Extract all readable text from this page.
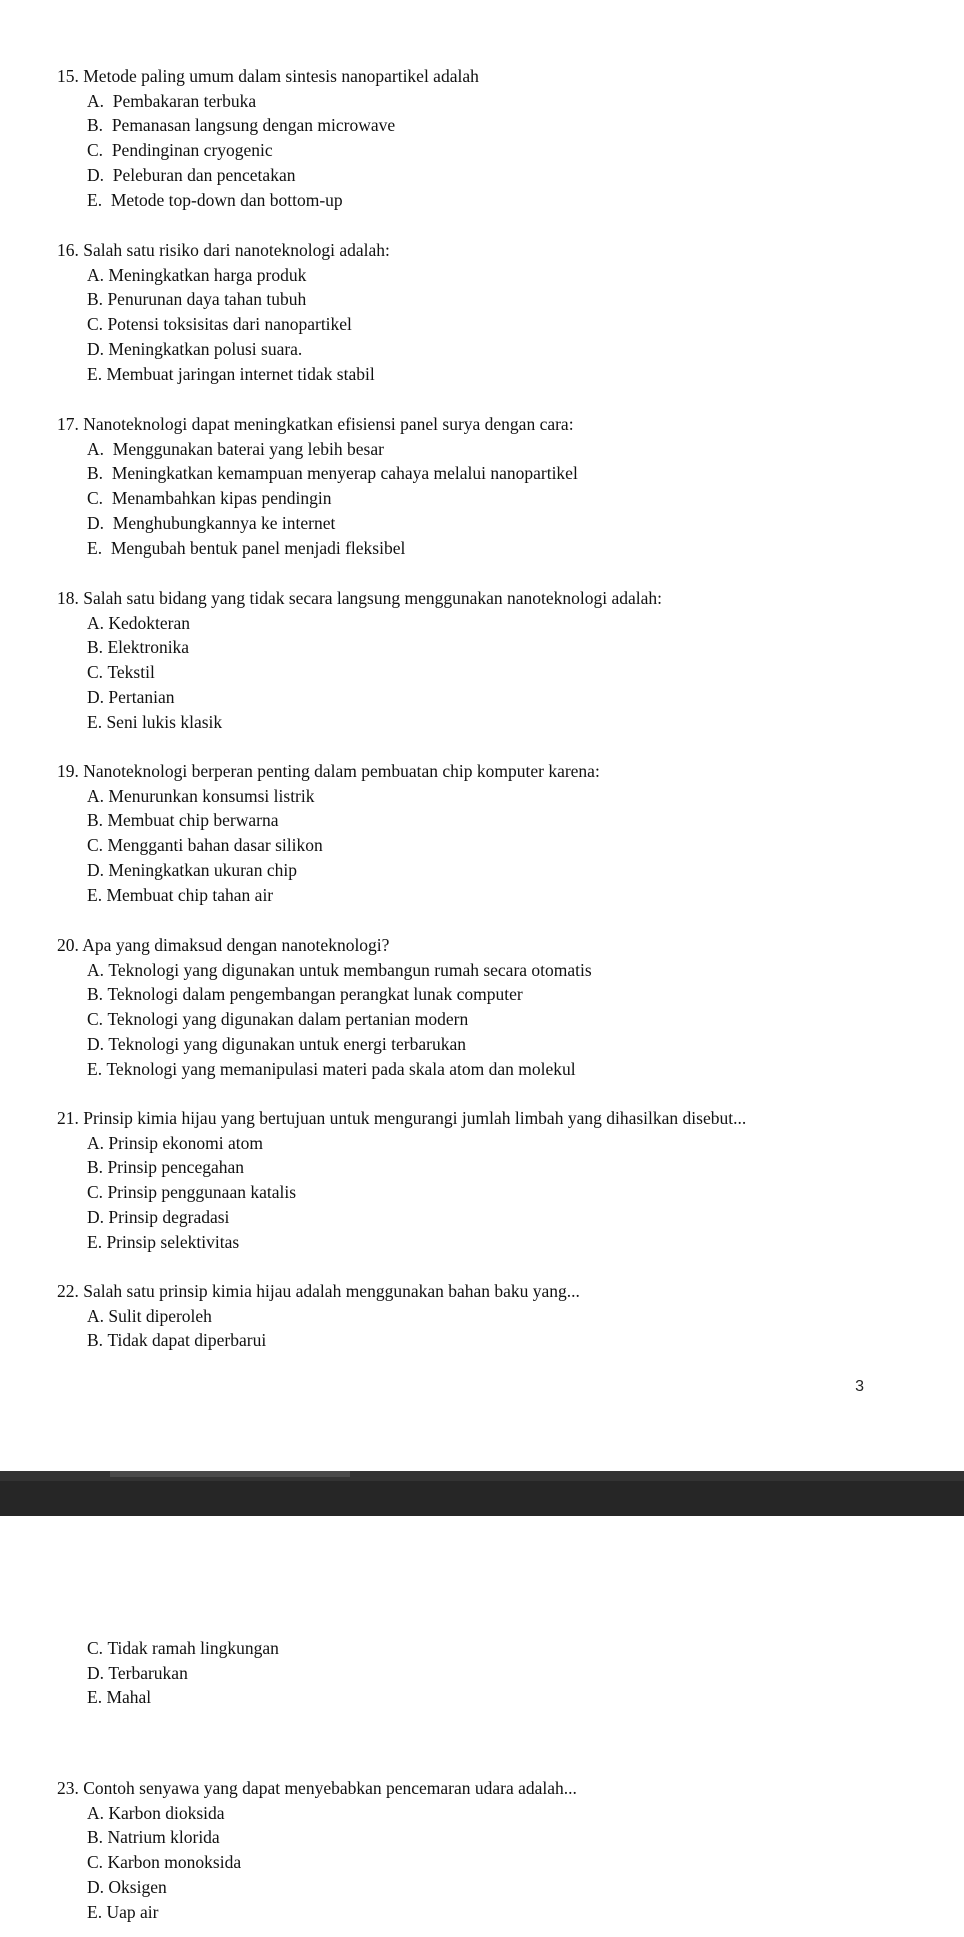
15. Metode paling umum dalam sintesis nanopartikel adalah
A. Pembakaran terbuka
B. Pemanasan langsung dengan microwave
C. Pendinginan cryogenic
D. Peleburan dan pencetakan
E. Metode top-down dan bottom-up
16. Salah satu risiko dari nanoteknologi adalah:
A. Meningkatkan harga produk
B. Penurunan daya tahan tubuh
C. Potensi toksisitas dari nanopartikel
D. Meningkatkan polusi suara.
E. Membuat jaringan internet tidak stabil
17. Nanoteknologi dapat meningkatkan efisiensi panel surya dengan cara:
A. Menggunakan baterai yang lebih besar
B. Meningkatkan kemampuan menyerap cahaya melalui nanopartikel
C. Menambahkan kipas pendingin
D. Menghubungkannya ke internet
E. Mengubah bentuk panel menjadi fleksibel
18. Salah satu bidang yang tidak secara langsung menggunakan nanoteknologi adalah:
A. Kedokteran
B. Elektronika
C. Tekstil
D. Pertanian
E. Seni lukis klasik
19. Nanoteknologi berperan penting dalam pembuatan chip komputer karena:
A. Menurunkan konsumsi listrik
B. Membuat chip berwarna
C. Mengganti bahan dasar silikon
D. Meningkatkan ukuran chip
E. Membuat chip tahan air
20. Apa yang dimaksud dengan nanoteknologi?
A. Teknologi yang digunakan untuk membangun rumah secara otomatis
B. Teknologi dalam pengembangan perangkat lunak computer
C. Teknologi yang digunakan dalam pertanian modern
D. Teknologi yang digunakan untuk energi terbarukan
E. Teknologi yang memanipulasi materi pada skala atom dan molekul
21. Prinsip kimia hijau yang bertujuan untuk mengurangi jumlah limbah yang dihasilkan disebut...
A. Prinsip ekonomi atom
B. Prinsip pencegahan
C. Prinsip penggunaan katalis
D. Prinsip degradasi
E. Prinsip selektivitas
22. Salah satu prinsip kimia hijau adalah menggunakan bahan baku yang...
A. Sulit diperoleh
B. Tidak dapat diperbarui
3
C. Tidak ramah lingkungan
D. Terbarukan
E. Mahal
23. Contoh senyawa yang dapat menyebabkan pencemaran udara adalah...
A. Karbon dioksida
B. Natrium klorida
C. Karbon monoksida
D. Oksigen
E. Uap air
